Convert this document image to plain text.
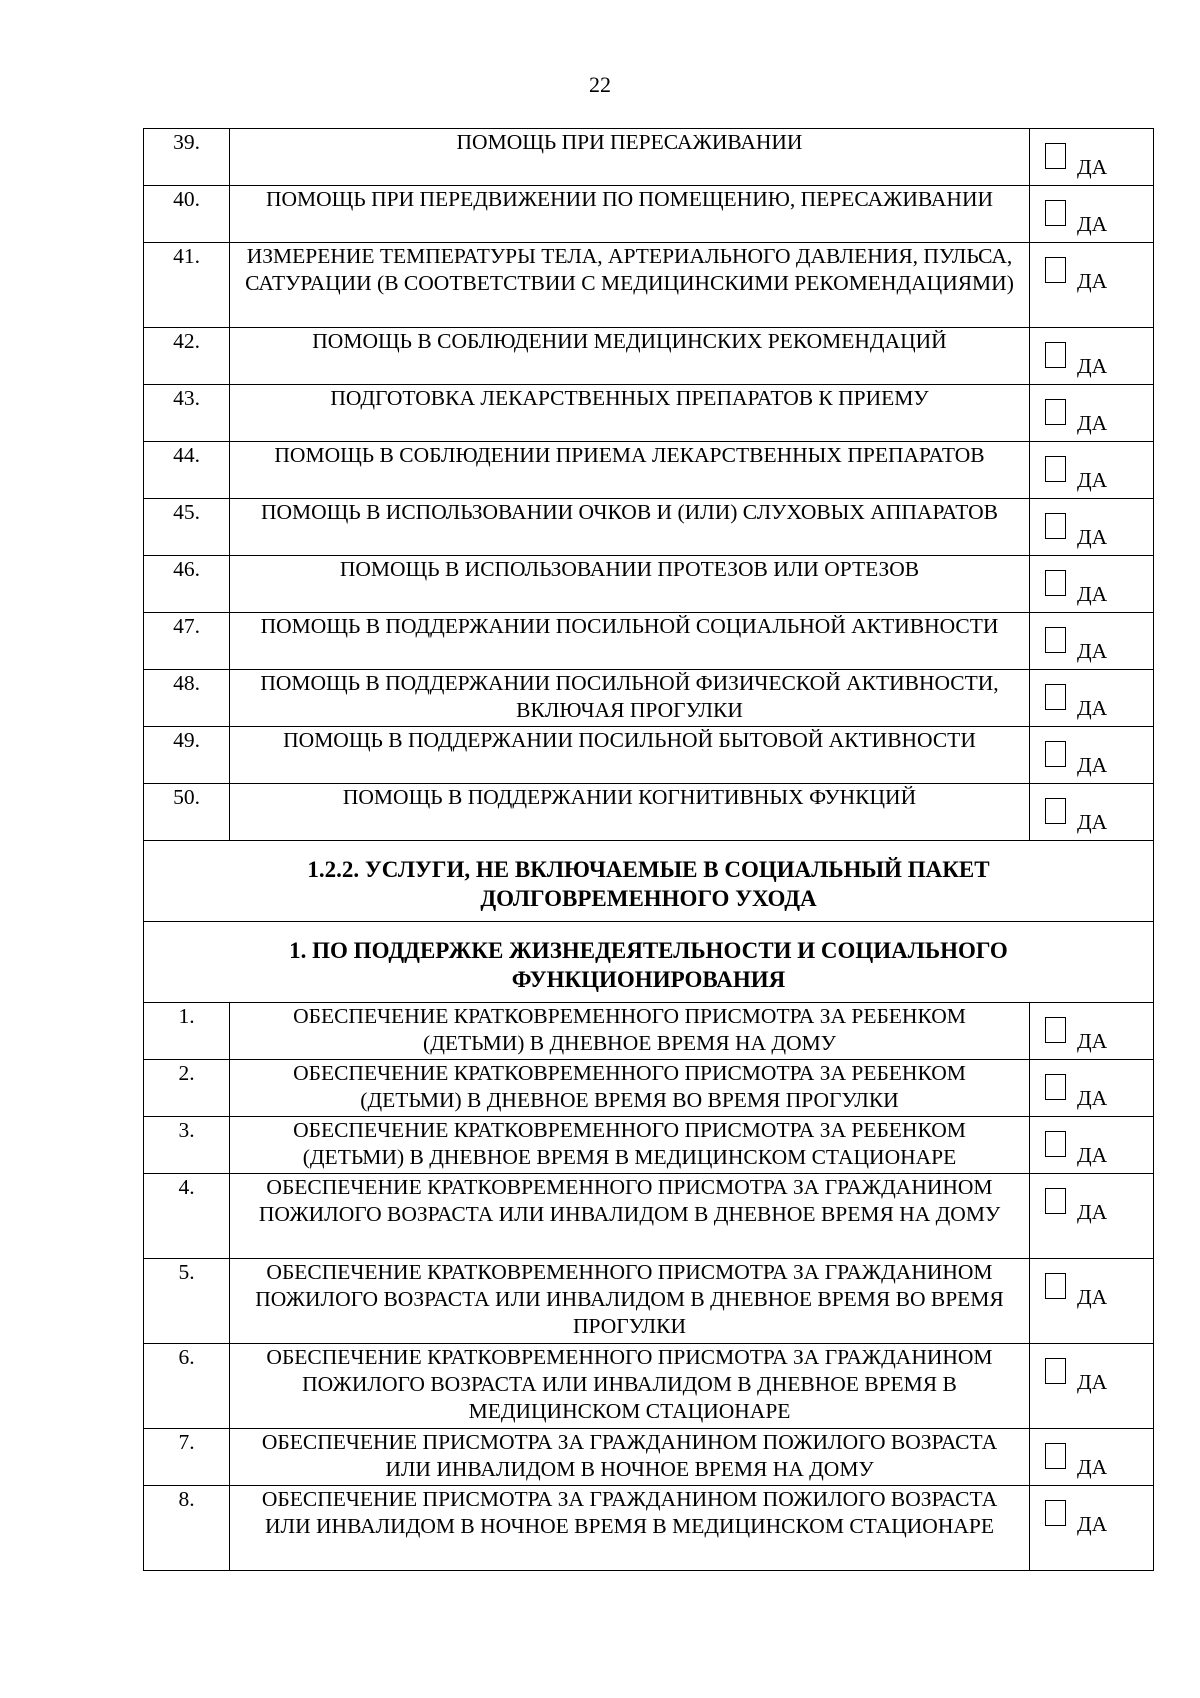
22
39.	ПОМОЩЬ ПРИ ПЕРЕСАЖИВАНИИ	ДА

40.	ПОМОЩЬ ПРИ ПЕРЕДВИЖЕНИИ ПО ПОМЕЩЕНИЮ, ПЕРЕСАЖИВАНИИ	ДА

41.	ИЗМЕРЕНИЕ ТЕМПЕРАТУРЫ ТЕЛА, АРТЕРИАЛЬНОГО ДАВЛЕНИЯ, ПУЛЬСА, САТУРАЦИИ (В СООТВЕТСТВИИ С МЕДИЦИНСКИМИ РЕКОМЕНДАЦИЯМИ)	ДА

42.	ПОМОЩЬ В СОБЛЮДЕНИИ МЕДИЦИНСКИХ РЕКОМЕНДАЦИЙ	ДА

43.	ПОДГОТОВКА ЛЕКАРСТВЕННЫХ ПРЕПАРАТОВ К ПРИЕМУ	ДА

44.	ПОМОЩЬ В СОБЛЮДЕНИИ ПРИЕМА ЛЕКАРСТВЕННЫХ ПРЕПАРАТОВ	ДА

45.	ПОМОЩЬ В ИСПОЛЬЗОВАНИИ ОЧКОВ И (ИЛИ) СЛУХОВЫХ АППАРАТОВ	ДА

46.	ПОМОЩЬ В ИСПОЛЬЗОВАНИИ ПРОТЕЗОВ ИЛИ ОРТЕЗОВ	ДА

47.	ПОМОЩЬ В ПОДДЕРЖАНИИ ПОСИЛЬНОЙ СОЦИАЛЬНОЙ АКТИВНОСТИ	ДА

48.	ПОМОЩЬ В ПОДДЕРЖАНИИ ПОСИЛЬНОЙ ФИЗИЧЕСКОЙ АКТИВНОСТИ, ВКЛЮЧАЯ ПРОГУЛКИ	ДА

49.	ПОМОЩЬ В ПОДДЕРЖАНИИ ПОСИЛЬНОЙ БЫТОВОЙ АКТИВНОСТИ	ДА

50.	ПОМОЩЬ В ПОДДЕРЖАНИИ КОГНИТИВНЫХ ФУНКЦИЙ	ДА

1.2.2. УСЛУГИ, НЕ ВКЛЮЧАЕМЫЕ В СОЦИАЛЬНЫЙ ПАКЕТ ДОЛГОВРЕМЕННОГО УХОДА		
1. ПО ПОДДЕРЖКЕ ЖИЗНЕДЕЯТЕЛЬНОСТИ И СОЦИАЛЬНОГО ФУНКЦИОНИРОВАНИЯ		
1.	ОБЕСПЕЧЕНИЕ КРАТКОВРЕМЕННОГО ПРИСМОТРА ЗА РЕБЕНКОМ (ДЕТЬМИ) В ДНЕВНОЕ ВРЕМЯ НА ДОМУ	ДА

2.	ОБЕСПЕЧЕНИЕ КРАТКОВРЕМЕННОГО ПРИСМОТРА ЗА РЕБЕНКОМ (ДЕТЬМИ) В ДНЕВНОЕ ВРЕМЯ ВО ВРЕМЯ ПРОГУЛКИ	ДА

3.	ОБЕСПЕЧЕНИЕ КРАТКОВРЕМЕННОГО ПРИСМОТРА ЗА РЕБЕНКОМ (ДЕТЬМИ) В ДНЕВНОЕ ВРЕМЯ В МЕДИЦИНСКОМ СТАЦИОНАРЕ	ДА

4.	ОБЕСПЕЧЕНИЕ КРАТКОВРЕМЕННОГО ПРИСМОТРА ЗА ГРАЖДАНИНОМ ПОЖИЛОГО ВОЗРАСТА ИЛИ ИНВАЛИДОМ В ДНЕВНОЕ ВРЕМЯ НА ДОМУ	ДА

5.	ОБЕСПЕЧЕНИЕ КРАТКОВРЕМЕННОГО ПРИСМОТРА ЗА ГРАЖДАНИНОМ ПОЖИЛОГО ВОЗРАСТА ИЛИ ИНВАЛИДОМ В ДНЕВНОЕ ВРЕМЯ ВО ВРЕМЯ ПРОГУЛКИ	ДА

6.	ОБЕСПЕЧЕНИЕ КРАТКОВРЕМЕННОГО ПРИСМОТРА ЗА ГРАЖДАНИНОМ ПОЖИЛОГО ВОЗРАСТА ИЛИ ИНВАЛИДОМ В ДНЕВНОЕ ВРЕМЯ В МЕДИЦИНСКОМ СТАЦИОНАРЕ	ДА

7.	ОБЕСПЕЧЕНИЕ ПРИСМОТРА ЗА ГРАЖДАНИНОМ ПОЖИЛОГО ВОЗРАСТА ИЛИ ИНВАЛИДОМ В НОЧНОЕ ВРЕМЯ НА ДОМУ	ДА

8.	ОБЕСПЕЧЕНИЕ ПРИСМОТРА ЗА ГРАЖДАНИНОМ ПОЖИЛОГО ВОЗРАСТА ИЛИ ИНВАЛИДОМ В НОЧНОЕ ВРЕМЯ В МЕДИЦИНСКОМ СТАЦИОНАРЕ	ДА
